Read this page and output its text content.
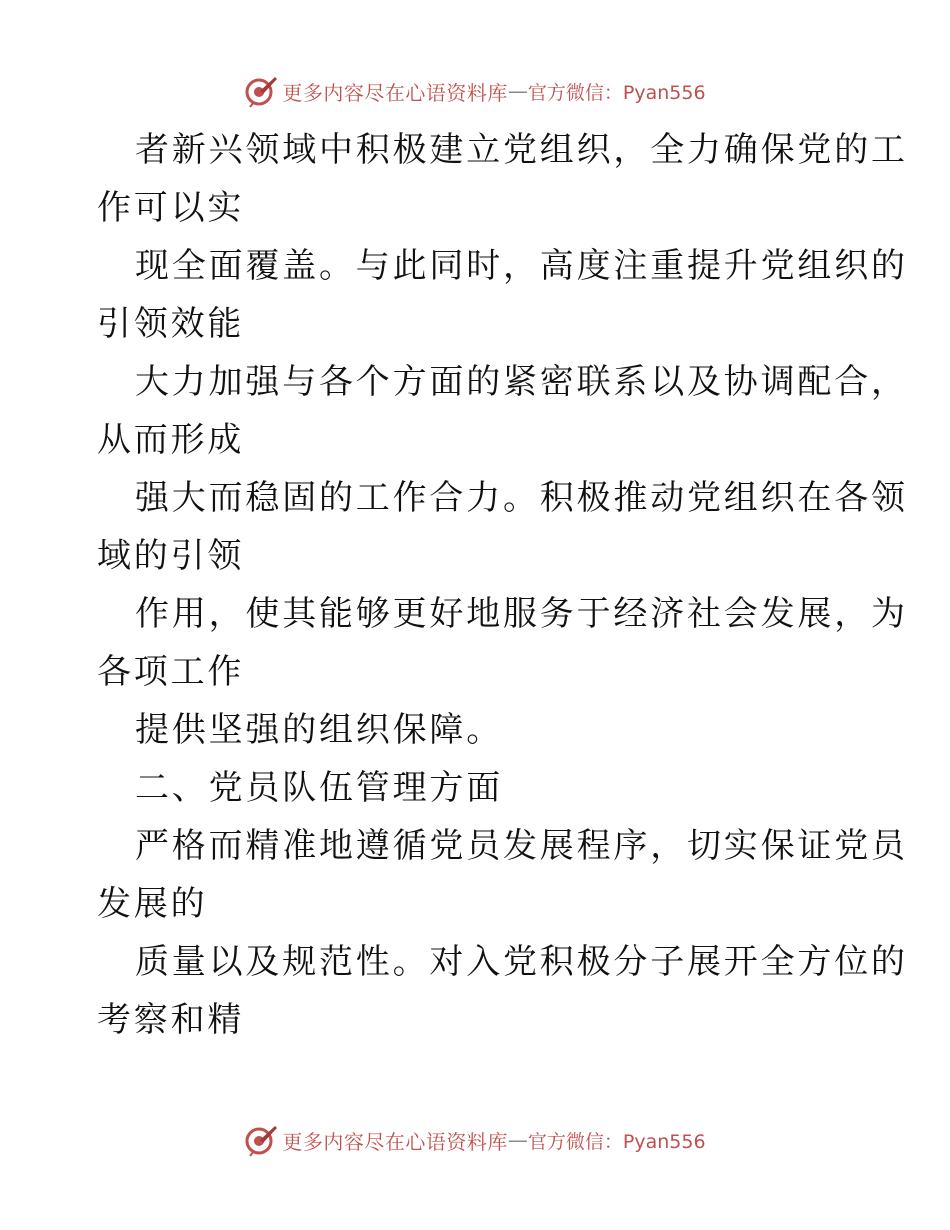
更多内容尽在心语资料库 — 官方微信：Pyan556
者新兴领域中积极建立党组织，全力确保党的工
作可以实
现全面覆盖。与此同时，高度注重提升党组织的
引领效能
大力加强与各个方面的紧密联系以及协调配合，
从而形成
强大而稳固的工作合力。积极推动党组织在各领
域的引领
作用，使其能够更好地服务于经济社会发展，为
各项工作
提供坚强的组织保障。
二、党员队伍管理方面
严格而精准地遵循党员发展程序，切实保证党员
发展的
质量以及规范性。对入党积极分子展开全方位的
考察和精
更多内容尽在心语资料库 — 官方微信：Pyan556
